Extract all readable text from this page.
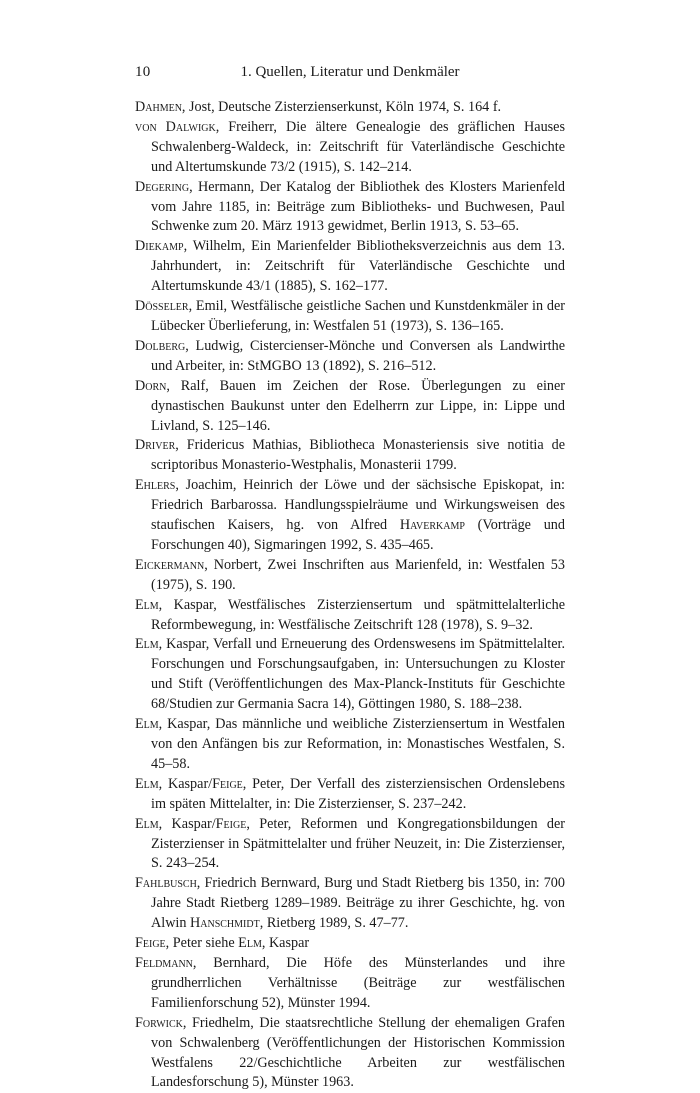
10	1. Quellen, Literatur und Denkmäler

Dahmen, Jost, Deutsche Zisterzienserkunst, Köln 1974, S. 164 f.

von Dalwigk, Freiherr, Die ältere Genealogie des gräflichen Hauses Schwalenberg-Waldeck, in: Zeitschrift für Vaterländische Geschichte und Altertumskunde 73/2 (1915), S. 142–214.

Degering, Hermann, Der Katalog der Bibliothek des Klosters Marienfeld vom Jahre 1185, in: Beiträge zum Bibliotheks- und Buchwesen, Paul Schwenke zum 20. März 1913 gewidmet, Berlin 1913, S. 53–65.

Diekamp, Wilhelm, Ein Marienfelder Bibliotheksverzeichnis aus dem 13. Jahrhundert, in: Zeitschrift für Vaterländische Geschichte und Altertumskunde 43/1 (1885), S. 162–177.

Dösseler, Emil, Westfälische geistliche Sachen und Kunstdenkmäler in der Lübecker Überlieferung, in: Westfalen 51 (1973), S. 136–165.

Dolberg, Ludwig, Cistercienser-Mönche und Conversen als Landwirthe und Arbeiter, in: StMGBO 13 (1892), S. 216–512.

Dorn, Ralf, Bauen im Zeichen der Rose. Überlegungen zu einer dynastischen Baukunst unter den Edelherrn zur Lippe, in: Lippe und Livland, S. 125–146.

Driver, Fridericus Mathias, Bibliotheca Monasteriensis sive notitia de scriptoribus Monasterio-Westphalis, Monasterii 1799.

Ehlers, Joachim, Heinrich der Löwe und der sächsische Episkopat, in: Friedrich Barbarossa. Handlungsspielräume und Wirkungsweisen des staufischen Kaisers, hg. von Alfred Haverkamp (Vorträge und Forschungen 40), Sigmaringen 1992, S. 435–465.

Eickermann, Norbert, Zwei Inschriften aus Marienfeld, in: Westfalen 53 (1975), S. 190.

Elm, Kaspar, Westfälisches Zisterziensertum und spätmittelalterliche Reformbewegung, in: Westfälische Zeitschrift 128 (1978), S. 9–32.

Elm, Kaspar, Verfall und Erneuerung des Ordenswesens im Spätmittelalter. Forschungen und Forschungsaufgaben, in: Untersuchungen zu Kloster und Stift (Veröffentlichungen des Max-Planck-Instituts für Geschichte 68/Studien zur Germania Sacra 14), Göttingen 1980, S. 188–238.

Elm, Kaspar, Das männliche und weibliche Zisterziensertum in Westfalen von den Anfängen bis zur Reformation, in: Monastisches Westfalen, S. 45–58.

Elm, Kaspar/Feige, Peter, Der Verfall des zisterziensischen Ordenslebens im späten Mittelalter, in: Die Zisterzienser, S. 237–242.

Elm, Kaspar/Feige, Peter, Reformen und Kongregationsbildungen der Zisterzienser in Spätmittelalter und früher Neuzeit, in: Die Zisterzienser, S. 243–254.

Fahlbusch, Friedrich Bernward, Burg und Stadt Rietberg bis 1350, in: 700 Jahre Stadt Rietberg 1289–1989. Beiträge zu ihrer Geschichte, hg. von Alwin Hanschmidt, Rietberg 1989, S. 47–77.

Feige, Peter siehe Elm, Kaspar

Feldmann, Bernhard, Die Höfe des Münsterlandes und ihre grundherrlichen Verhältnisse (Beiträge zur westfälischen Familienforschung 52), Münster 1994.

Forwick, Friedhelm, Die staatsrechtliche Stellung der ehemaligen Grafen von Schwalenberg (Veröffentlichungen der Historischen Kommission Westfalens 22/Geschichtliche Arbeiten zur westfälischen Landesforschung 5), Münster 1963.
